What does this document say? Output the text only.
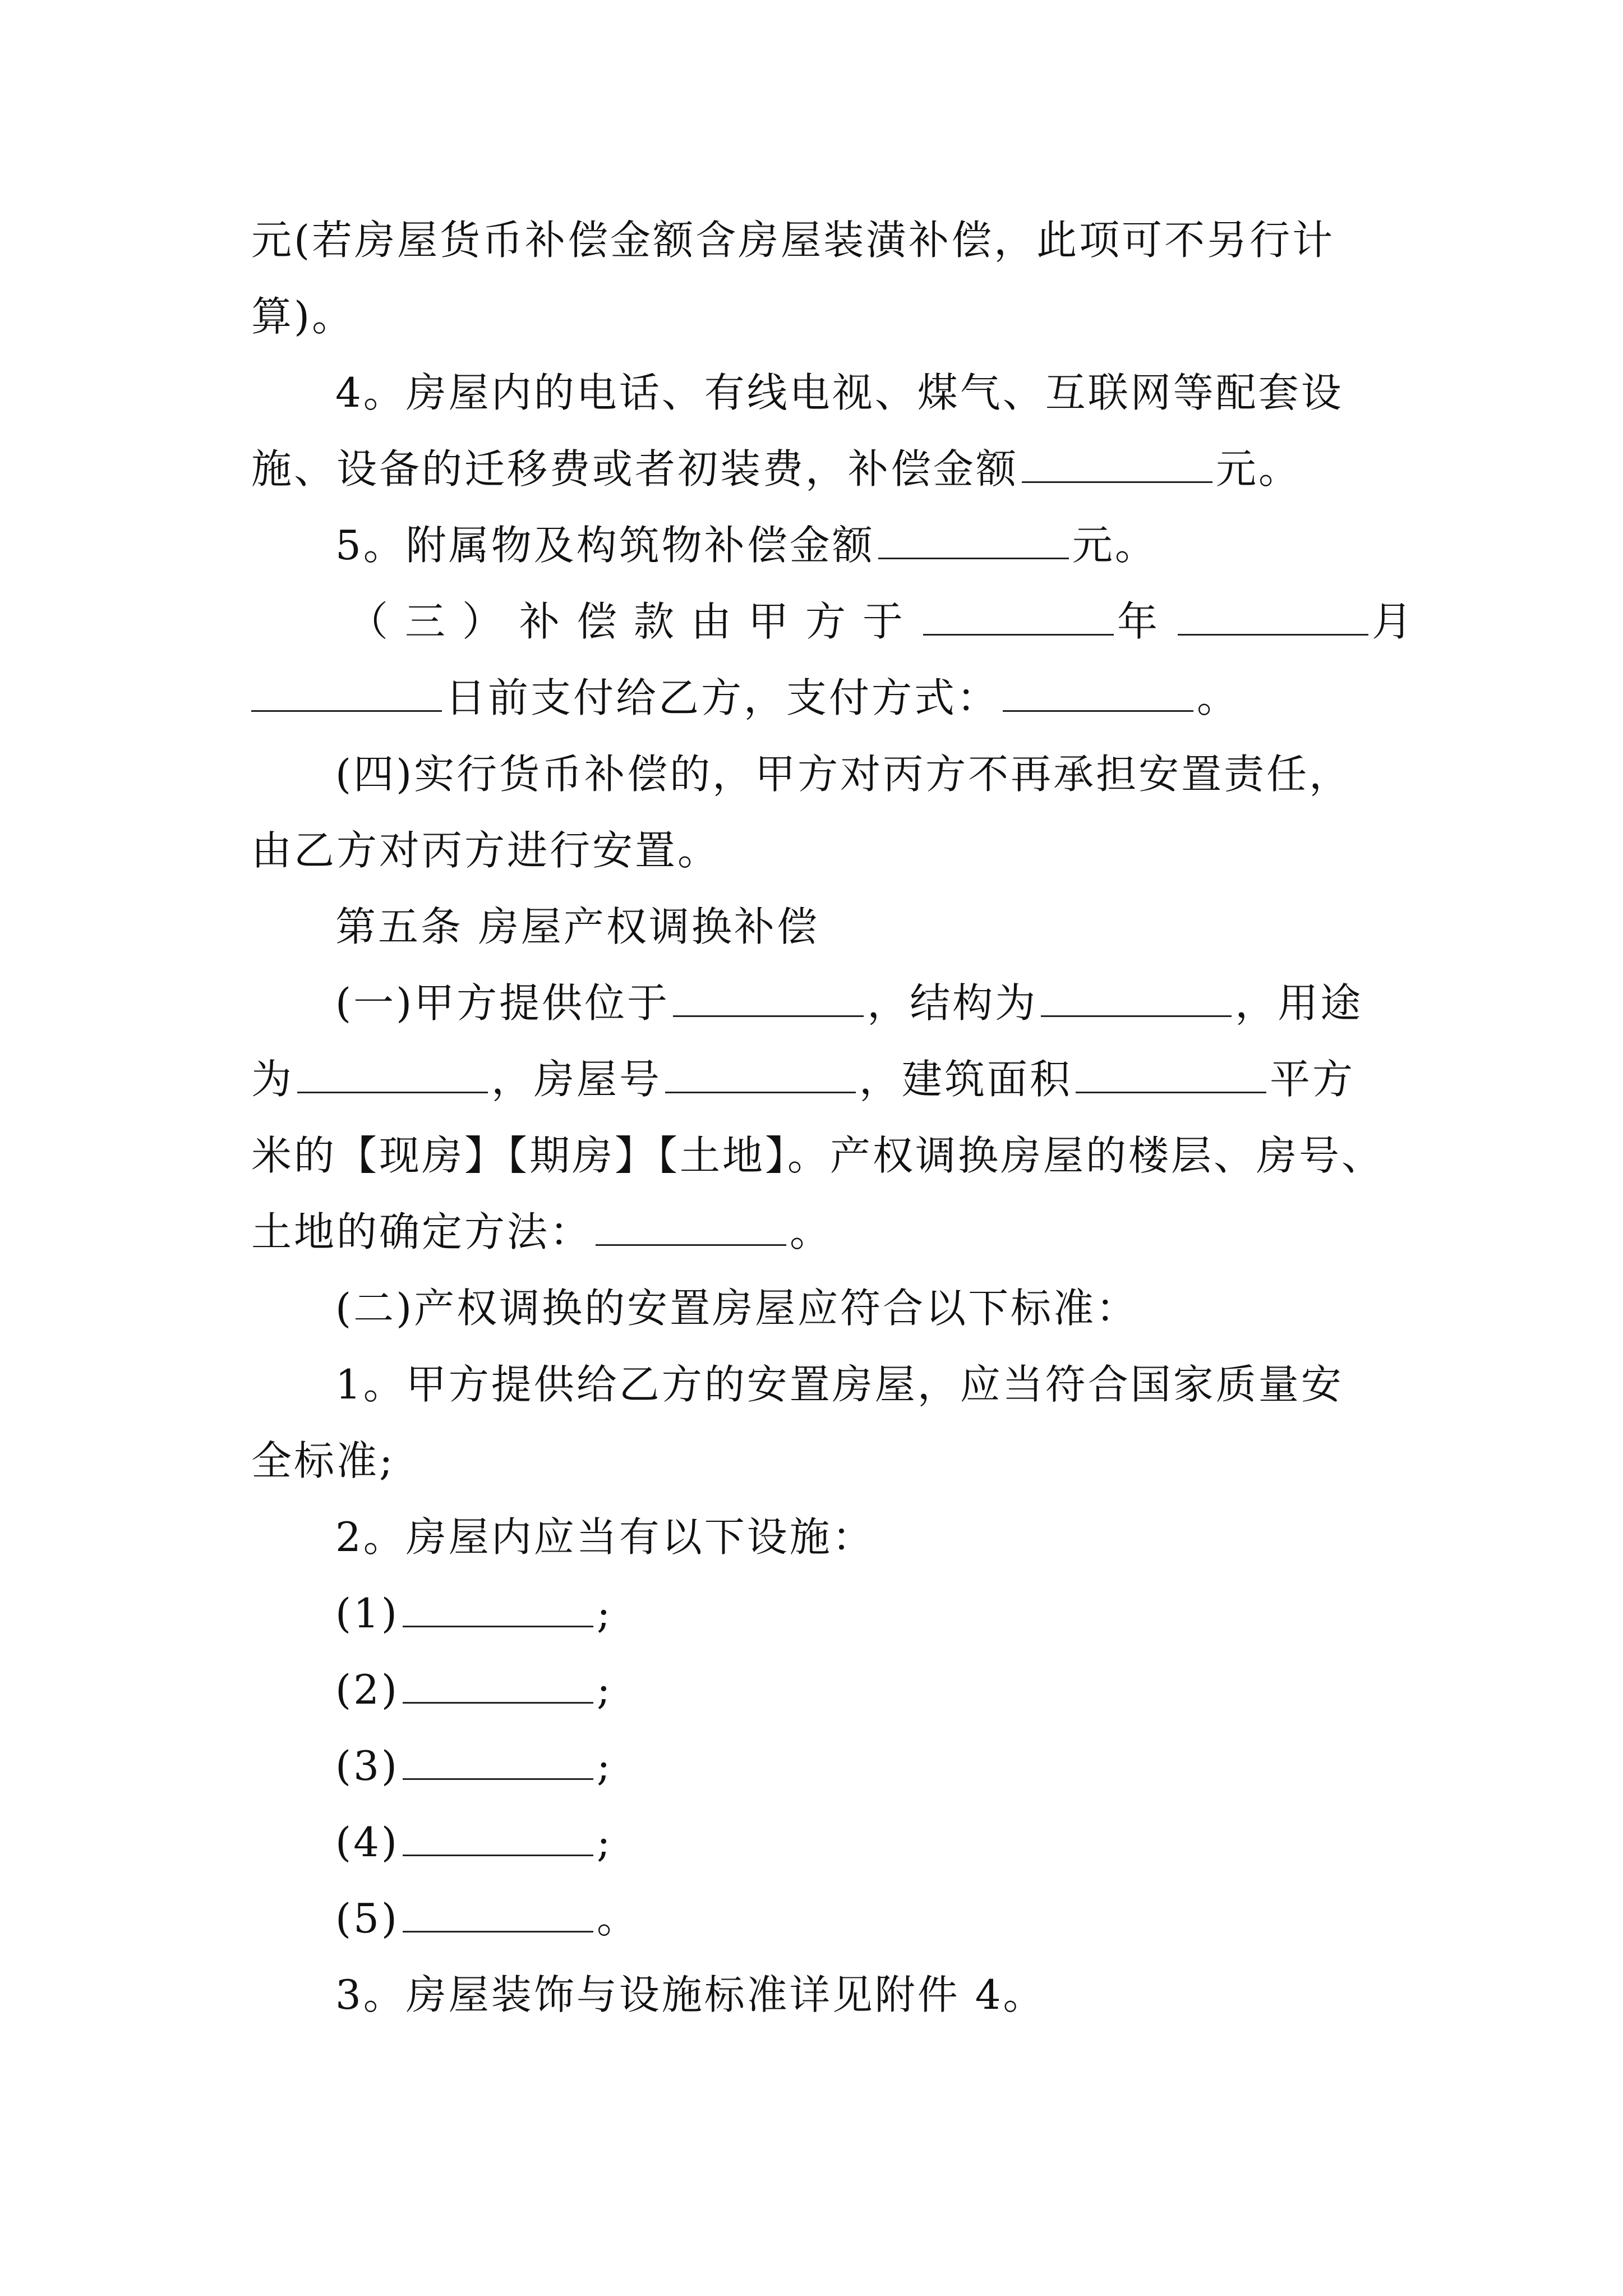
元(若房屋货币补偿金额含房屋装潢补偿，此项可不另行计
算)。
4。房屋内的电话、有线电视、煤气、互联网等配套设
施、设备的迁移费或者初装费，补偿金额	元。
5。附属物及构筑物补偿金额	元。
（三）补偿款由甲方于	年	月
日前支付给乙方，支付方式：	。
(四)实行货币补偿的，甲方对丙方不再承担安置责任，
由乙方对丙方进行安置。
第五条 房屋产权调换补偿
(一)甲方提供位于	，结构为	，用途
为	，房屋号	，建筑面积	平方
米的【现房】【期房】【土地】。产权调换房屋的楼层、房号、
土地的确定方法：	。
(二)产权调换的安置房屋应符合以下标准：
1。甲方提供给乙方的安置房屋，应当符合国家质量安
全标准;
2。房屋内应当有以下设施：
(1)	;
(2)	;
(3)	;
(4)	;
(5)	。
3。房屋装饰与设施标准详见附件 4。
